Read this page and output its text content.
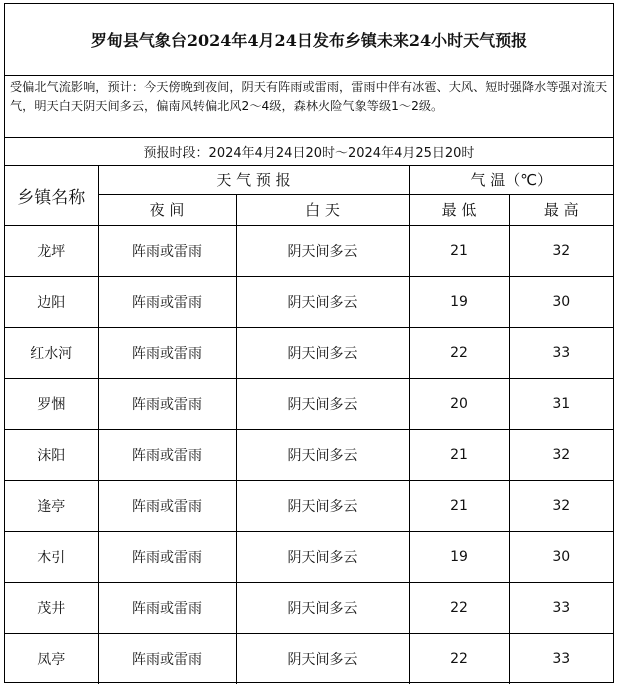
罗甸县气象台2024年4月24日发布乡镇未来24小时天气预报
受偏北气流影响，预计：今天傍晚到夜间，阴天有阵雨或雷雨，雷雨中伴有冰雹、大风、短时强降水等强对流天气，明天白天阴天间多云，偏南风转偏北风2～4级，森林火险气象等级1～2级。
预报时段：2024年4月24日20时～2024年4月25日20时
乡镇名称	天 气 预 报		气 温（℃）	
	夜 间	白 天	最 低	最 高
龙坪	阵雨或雷雨	阴天间多云	21	32
边阳	阵雨或雷雨	阴天间多云	19	30
红水河	阵雨或雷雨	阴天间多云	22	33
罗悃	阵雨或雷雨	阴天间多云	20	31
沫阳	阵雨或雷雨	阴天间多云	21	32
逢亭	阵雨或雷雨	阴天间多云	21	32
木引	阵雨或雷雨	阴天间多云	19	30
茂井	阵雨或雷雨	阴天间多云	22	33
凤亭	阵雨或雷雨	阴天间多云	22	33
